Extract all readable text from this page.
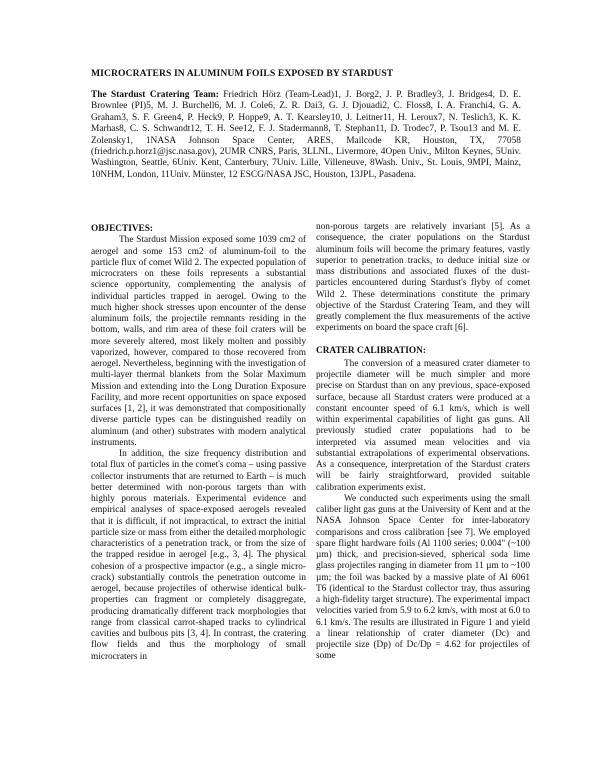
MICROCRATERS IN ALUMINUM FOILS EXPOSED BY STARDUST
The Stardust Cratering Team: Friedrich Hörz (Team-Lead)1, J. Borg2, J. P. Bradley3, J. Bridges4, D. E. Brownlee (PI)5, M. J. Burchell6, M. J. Cole6, Z. R. Dai3, G. J. Djouadi2, C. Floss8, I. A. Franchi4, G. A. Graham3, S. F. Green4, P. Heck9, P. Hoppe9, A. T. Kearsley10, J. Leitner11, H. Leroux7, N. Teslich3, K. K. Marhas8, C. S. Schwandt12, T. H. See12, F. J. Stadermann8, T. Stephan11, D. Trodec7, P. Tsou13 and M. E. Zolensky1, 1NASA Johnson Space Center, ARES, Mailcode KR, Houston, TX, 77058 (friedrich.p.horz1@jsc.nasa.gov), 2UMR CNRS, Paris, 3LLNL, Livermore, 4Open Univ., Milton Keynes, 5Univ. Washington, Seattle, 6Univ. Kent, Canterbury, 7Univ. Lille, Villeneuve, 8Wash. Univ., St. Louis, 9MPI, Mainz, 10NHM, London, 11Univ. Münster, 12 ESCG/NASA JSC, Houston, 13JPL, Pasadena.
OBJECTIVES:

The Stardust Mission exposed some 1039 cm2 of aerogel and some 153 cm2 of aluminum-foil to the particle flux of comet Wild 2. The expected population of microcraters on these foils represents a substantial science opportunity, complementing the analysis of individual particles trapped in aerogel. Owing to the much higher shock stresses upon encounter of the dense aluminum foils, the projectile remnants residing in the bottom, walls, and rim area of these foil craters will be more severely altered, most likely molten and possibly vaporized, however, compared to those recovered from aerogel. Nevertheless, beginning with the investigation of multi-layer thermal blankets from the Solar Maximum Mission and extending into the Long Duration Exposure Facility, and more recent opportunities on space exposed surfaces [1, 2], it was demonstrated that compositionally diverse particle types can be distinguished readily on aluminum (and other) substrates with modern analytical instruments.

In addition, the size frequency distribution and total flux of particles in the comet's coma – using passive collector instruments that are returned to Earth – is much better determined with non-porous targets than with highly porous materials. Experimental evidence and empirical analyses of space-exposed aerogels revealed that it is difficult, if not impractical, to extract the initial particle size or mass from either the detailed morphologic characteristics of a penetration track, or from the size of the trapped residue in aerogel [e.g., 3, 4]. The physical cohesion of a prospective impactor (e.g., a single micro-crack) substantially controls the penetration outcome in aerogel, because projectiles of otherwise identical bulk-properties can fragment or completely disaggregate, producing dramatically different track morphologies that range from classical carrot-shaped tracks to cylindrical cavities and bulbous pits [3, 4]. In contrast, the cratering flow fields and thus the morphology of small microcraters in

non-porous targets are relatively invariant [5]. As a consequence, the crater populations on the Stardust aluminum foils will become the primary features, vastly superior to penetration tracks, to deduce initial size or mass distributions and associated fluxes of the dust-particles encountered during Stardust's flyby of comet Wild 2. These determinations constitute the primary objective of the Stardust Cratering Team, and they will greatly complement the flux measurements of the active experiments on board the space craft [6].

CRATER CALIBRATION:

The conversion of a measured crater diameter to projectile diameter will be much simpler and more precise on Stardust than on any previous, space-exposed surface, because all Stardust craters were produced at a constant encounter speed of 6.1 km/s, which is well within experimental capabilities of light gas guns. All previously studied crater populations had to be interpreted via assumed mean velocities and via substantial extrapolations of experimental observations. As a consequence, interpretation of the Stardust craters will be fairly straightforward, provided suitable calibration experiments exist.

We conducted such experiments using the small caliber light gas guns at the University of Kent and at the NASA Johnson Space Center for inter-laboratory comparisons and cross calibration [see 7]. We employed spare flight hardware foils (Al 1100 series; 0.004" (~100 µm) thick, and precision-sieved, spherical soda lime glass projectiles ranging in diameter from 11 µm to ~100 µm; the foil was backed by a massive plate of Al 6061 T6 (identical to the Stardust collector tray, thus assuring a high-fidelity target structure). The experimental impact velocities varied from 5.9 to 6.2 km/s, with most at 6.0 to 6.1 km/s. The results are illustrated in Figure 1 and yield a linear relationship of crater diameter (Dc) and projectile size (Dp) of Dc/Dp = 4.62 for projectiles of some
